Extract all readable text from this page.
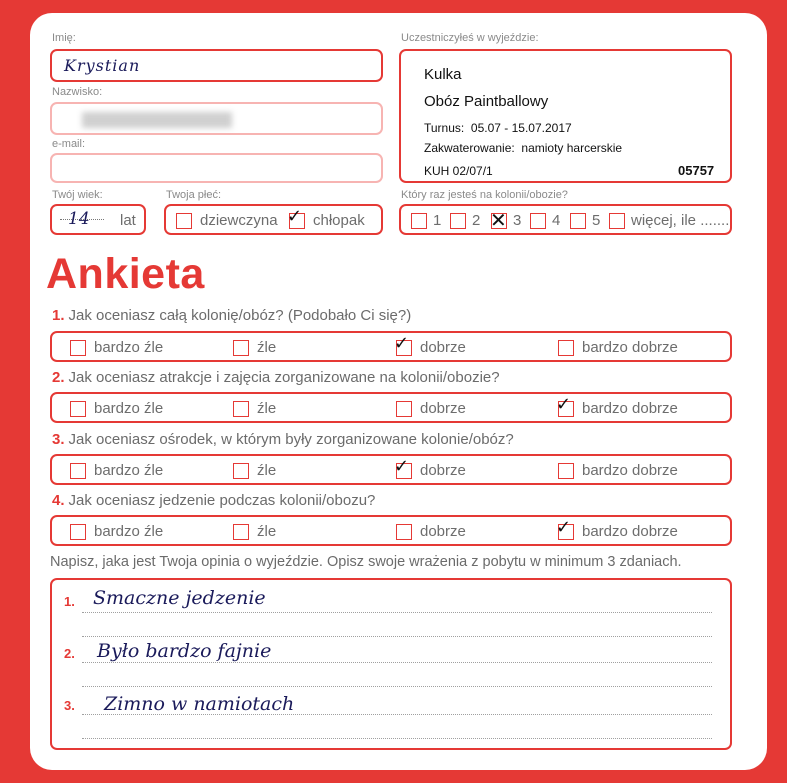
Imię:
Krystian
Nazwisko:
e-mail:
Twój wiek:
14 lat
Twoja płeć:
dziewczyna ✓ chłopak
Uczestniczyłeś w wyjeździe:
Kulka
Obóz Paintballowy
Turnus: 05.07 - 15.07.2017
Zakwaterowanie: namioty harcerskie
KUH 02/07/1	05757
Który raz jesteś na kolonii/obozie?
1 2 ✕ 3 4 5 więcej, ile .......
Ankieta
1. Jak oceniasz całą kolonię/obóz? (Podobało Ci się?)
bardzo źle	źle	✓ dobrze	bardzo dobrze
2. Jak oceniasz atrakcje i zajęcia zorganizowane na kolonii/obozie?
bardzo źle	źle	dobrze	✓ bardzo dobrze
3. Jak oceniasz ośrodek, w którym były zorganizowane kolonie/obóz?
bardzo źle	źle	✓ dobrze	bardzo dobrze
4. Jak oceniasz jedzenie podczas kolonii/obozu?
bardzo źle	źle	dobrze	✓ bardzo dobrze
Napisz, jaka jest Twoja opinia o wyjeździe. Opisz swoje wrażenia z pobytu w minimum 3 zdaniach.
1. Smaczne jedzenie
2. Było bardzo fajnie
3. Zimno w namiotach
